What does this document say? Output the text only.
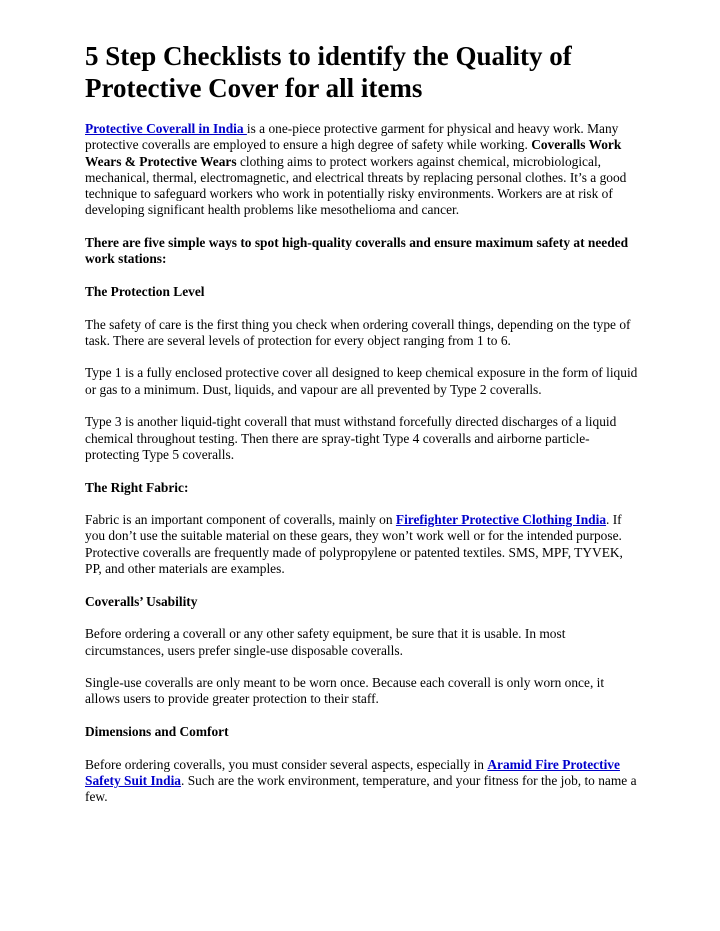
5 Step Checklists to identify the Quality of Protective Cover for all items

Protective Coverall in India is a one-piece protective garment for physical and heavy work. Many protective coveralls are employed to ensure a high degree of safety while working. Coveralls Work Wears & Protective Wears clothing aims to protect workers against chemical, microbiological, mechanical, thermal, electromagnetic, and electrical threats by replacing personal clothes. It’s a good technique to safeguard workers who work in potentially risky environments. Workers are at risk of developing significant health problems like mesothelioma and cancer.

There are five simple ways to spot high-quality coveralls and ensure maximum safety at needed work stations:

The Protection Level

The safety of care is the first thing you check when ordering coverall things, depending on the type of task. There are several levels of protection for every object ranging from 1 to 6.

Type 1 is a fully enclosed protective cover all designed to keep chemical exposure in the form of liquid or gas to a minimum. Dust, liquids, and vapour are all prevented by Type 2 coveralls.

Type 3 is another liquid-tight coverall that must withstand forcefully directed discharges of a liquid chemical throughout testing. Then there are spray-tight Type 4 coveralls and airborne particle-protecting Type 5 coveralls.

The Right Fabric:

Fabric is an important component of coveralls, mainly on Firefighter Protective Clothing India. If you don’t use the suitable material on these gears, they won’t work well or for the intended purpose. Protective coveralls are frequently made of polypropylene or patented textiles. SMS, MPF, TYVEK, PP, and other materials are examples.

Coveralls’ Usability

Before ordering a coverall or any other safety equipment, be sure that it is usable. In most circumstances, users prefer single-use disposable coveralls.

Single-use coveralls are only meant to be worn once. Because each coverall is only worn once, it allows users to provide greater protection to their staff.

Dimensions and Comfort

Before ordering coveralls, you must consider several aspects, especially in Aramid Fire Protective Safety Suit India. Such are the work environment, temperature, and your fitness for the job, to name a few.
